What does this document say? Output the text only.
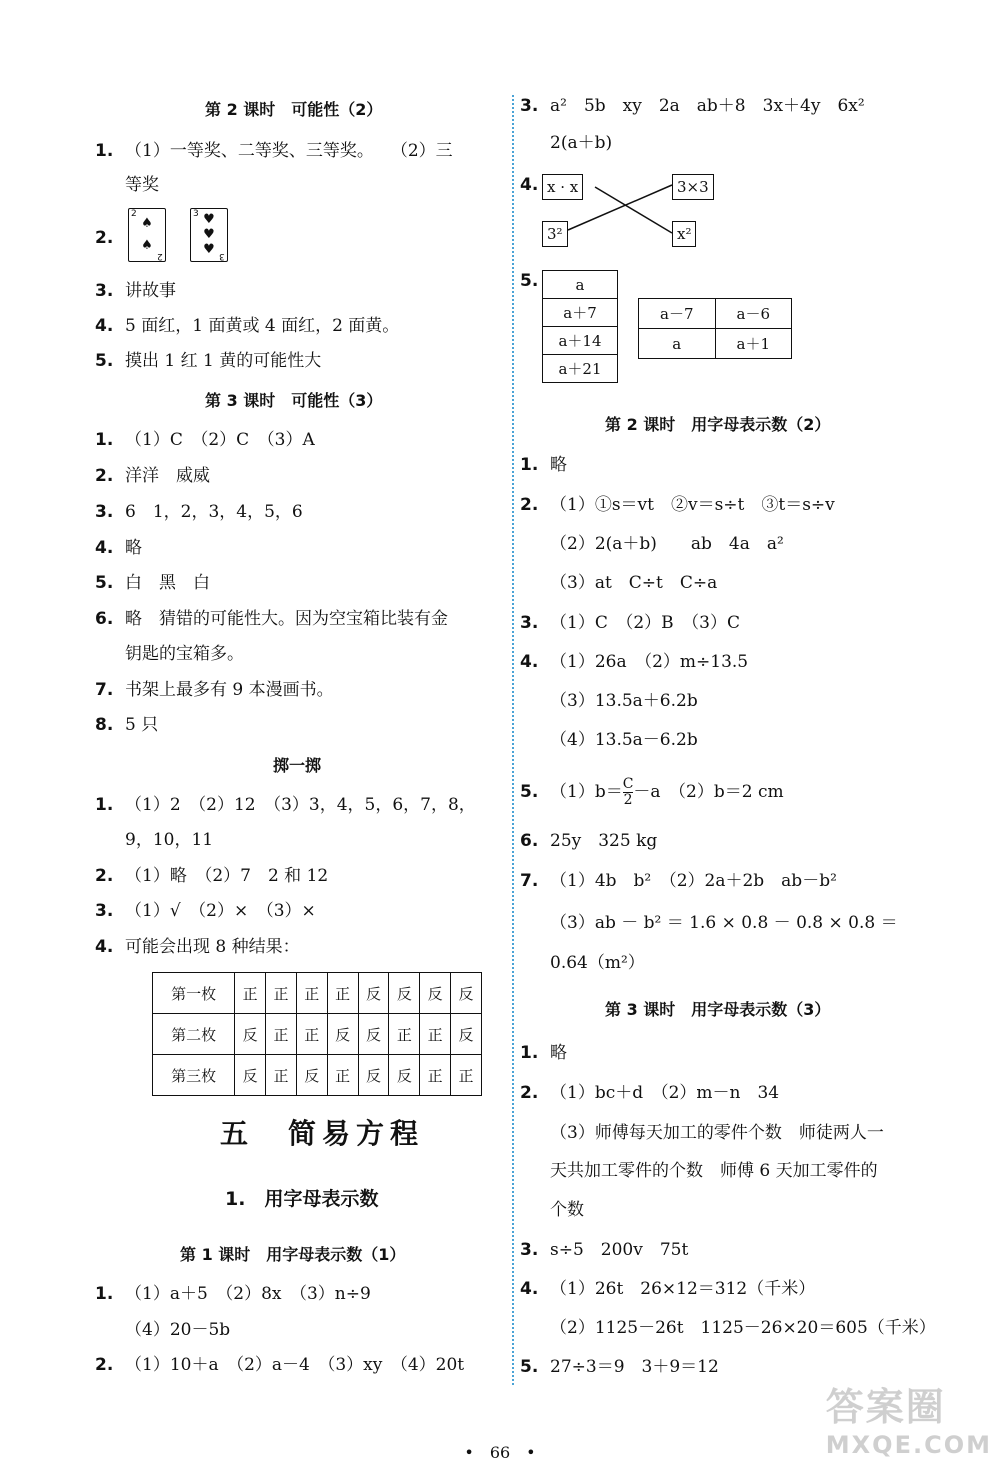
第 2 课时　可能性（2）
1. （1）一等奖、二等奖、三等奖。　　（2）三
等奖
2.
2
♠
♠
2
3 ♥
♥
♥ 3
3. 讲故事
4. 5 面红，1 面黄或 4 面红，2 面黄。
5. 摸出 1 红 1 黄的可能性大
第 3 课时　可能性（3）
1. （1）C　（2）C　（3）A
2. 洋洋　威威
3. 6　1，2，3，4，5，6
4. 略
5. 白　黑　白
6. 略　猜错的可能性大。因为空宝箱比装有金
钥匙的宝箱多。
7. 书架上最多有 9 本漫画书。
8. 5 只
掷一掷
1. （1）2　（2）12　（3）3，4，5，6，7，8，
9，10，11
2. （1）略　（2）7　2 和 12
3. （1）√　（2）×　（3）×
4. 可能会出现 8 种结果：
第一枚	正	正	正	正	反	反	反	反
第二枚	反	正	正	反	反	正	正	反
第三枚	反	正	反	正	反	反	正	正
五　简易方程
1.　用字母表示数
第 1 课时　用字母表示数（1）
1. （1）a＋5　（2）8x　（3）n÷9
（4）20－5b
2. （1）10＋a　（2）a－4　（3）xy　（4）20t
3. a²　5b　xy　2a　ab＋8　3x＋4y　6x²
2(a＋b)
4. x · x	3×3
3²	x²
5.	a
a＋7
a＋14
a＋21
a－7	a－6
a	a＋1
第 2 课时　用字母表示数（2）
1. 略
2. （1）①s＝vt　②v＝s÷t　③t＝s÷v
（2）2(a＋b)　　ab　4a　a²
（3）at　C÷t　C÷a
3. （1）C　（2）B　（3）C
4. （1）26a　（2）m÷13.5
（3）13.5a＋6.2b
（4）13.5a－6.2b
5. $(1)b= \frac{C}{2} -a$　（2）b＝2 cm
6. 25y　325 kg
7. （1）4b　b²　（2）2a＋2b　ab－b²
（3）ab － b² ＝ 1.6 × 0.8 － 0.8 × 0.8 ＝
0.64（m²）
第 3 课时　用字母表示数（3）
1. 略
2. （1）bc＋d　（2）m－n　34
（3）师傅每天加工的零件个数　师徒两人一
天共加工零件的个数　师傅 6 天加工零件的
个数
3. s÷5　200v　75t
4. （1）26t　26×12＝312（千米）
（2）1125－26t　1125－26×20＝605（千米）
5. 27÷3＝9　3＋9＝12
•　66　•
答案圈
MXQE.COM
